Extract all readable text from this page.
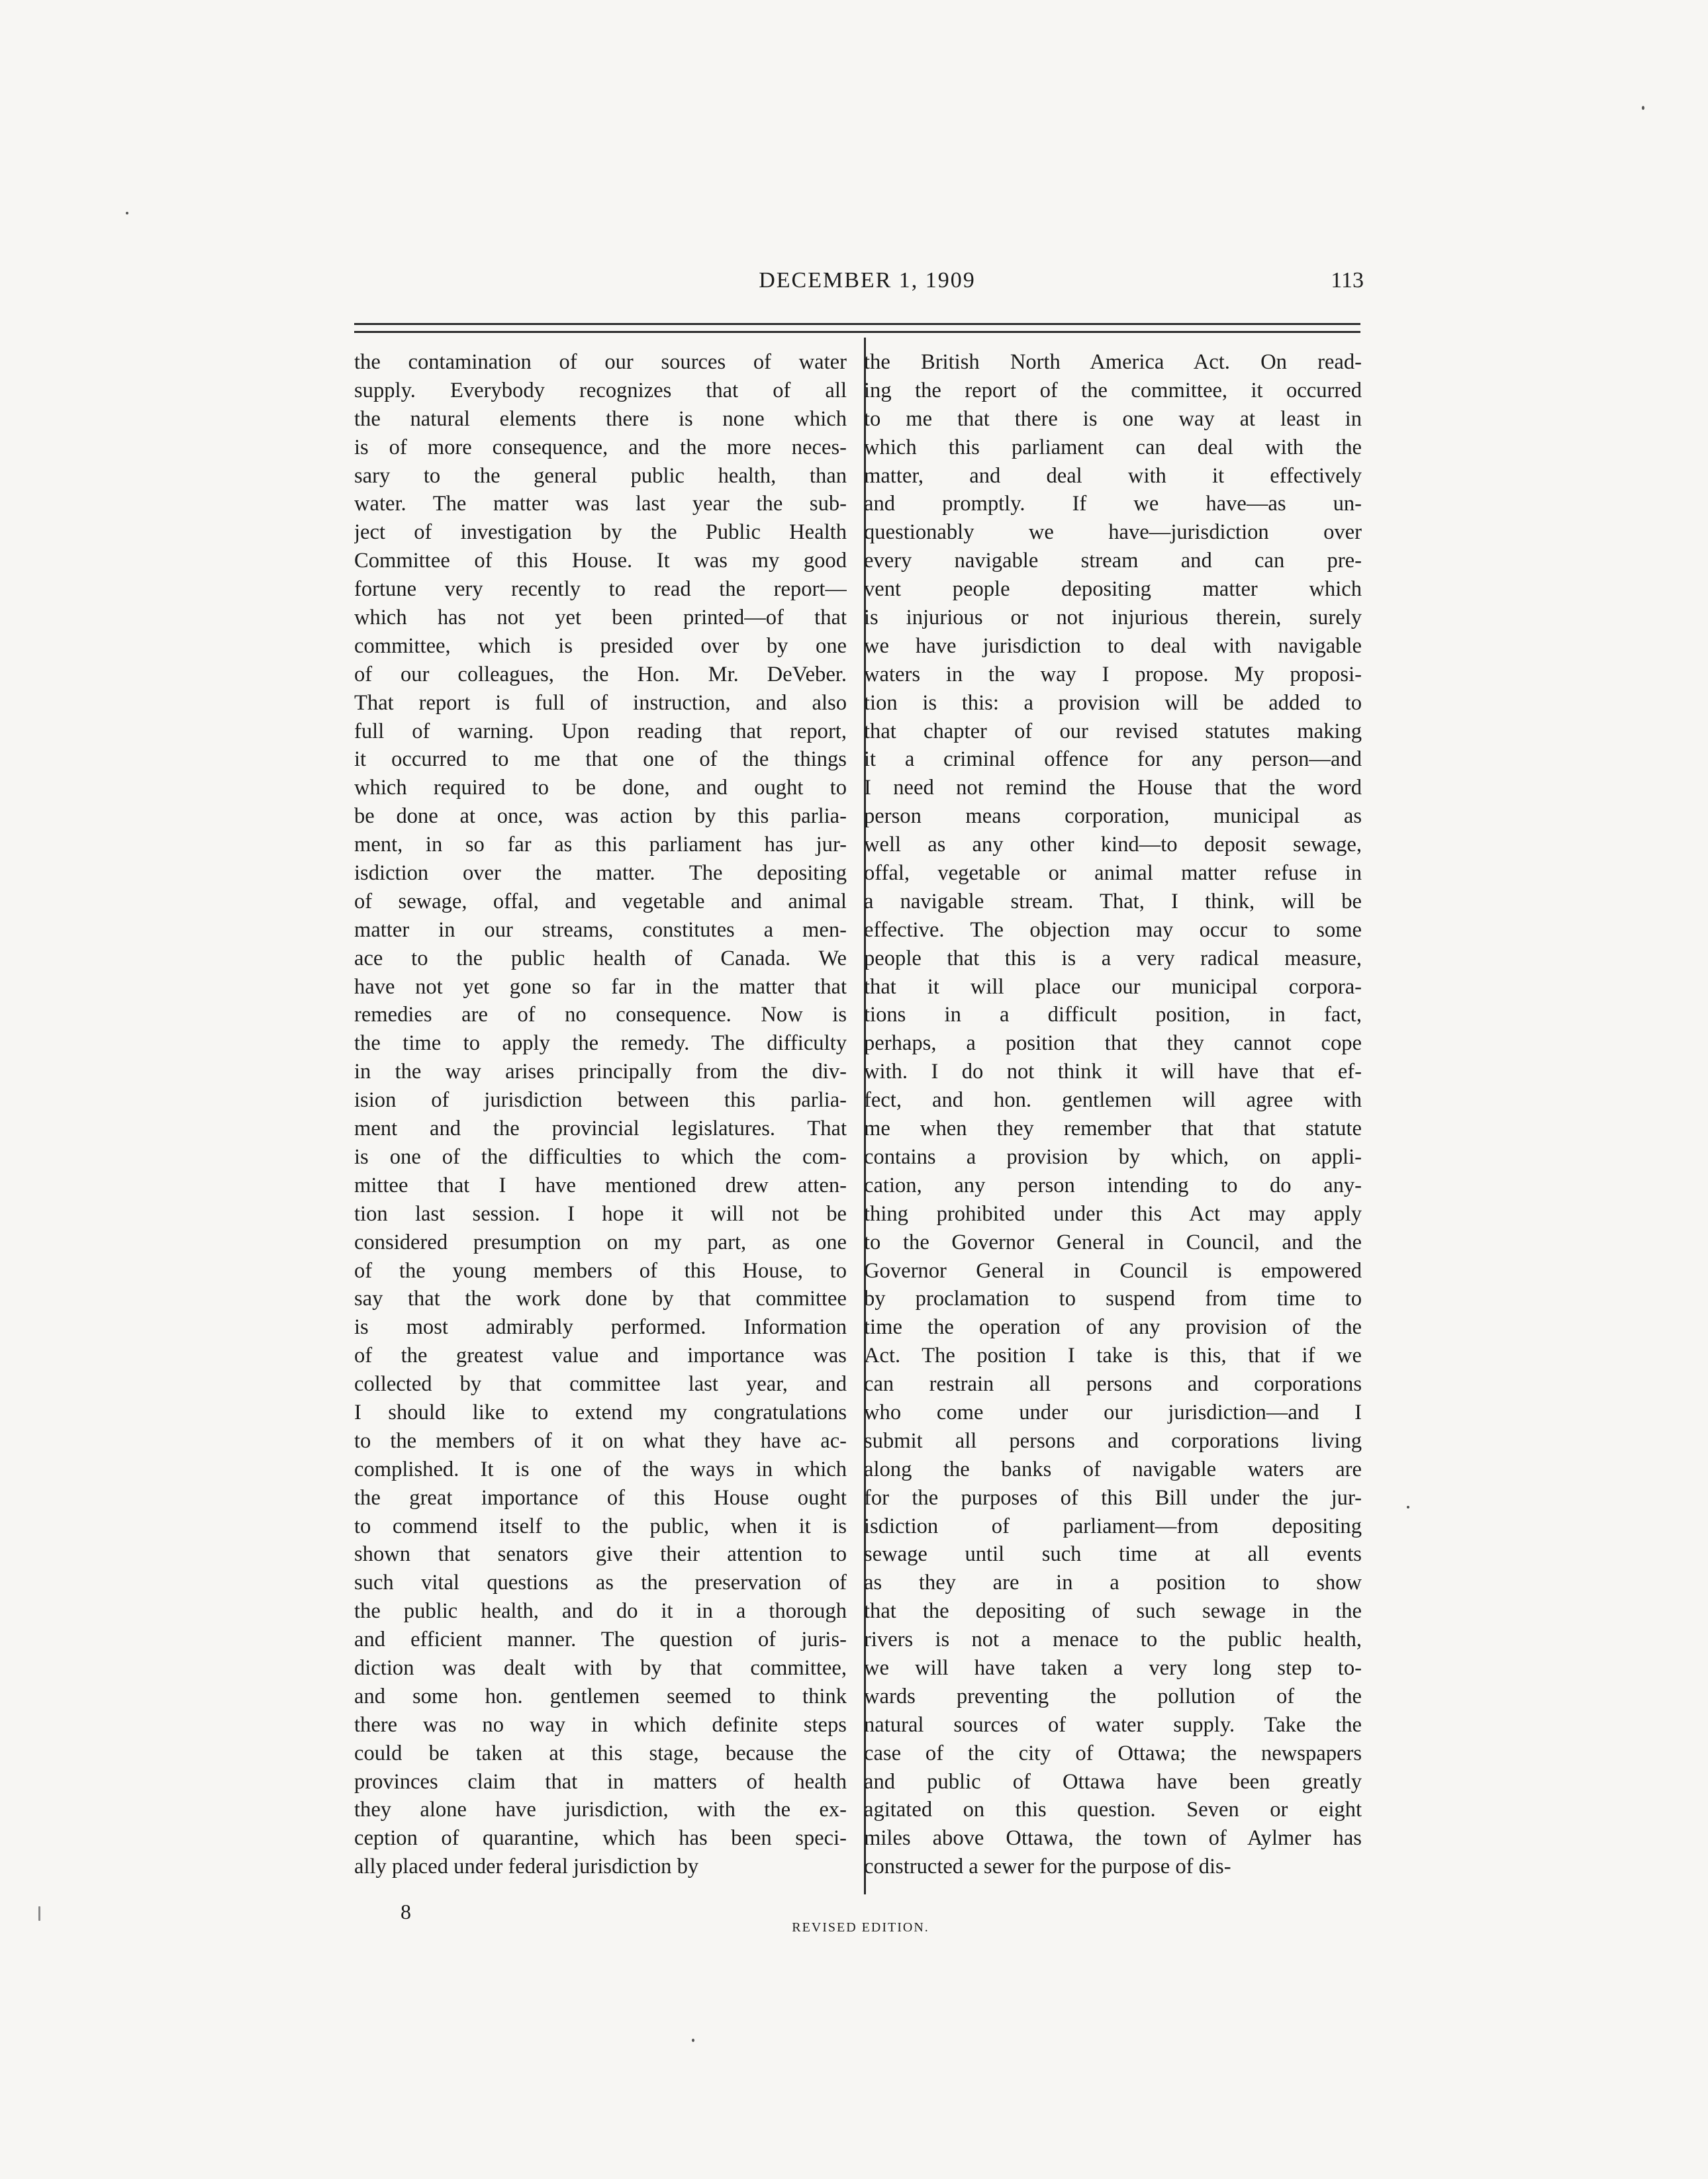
DECEMBER 1, 1909	113
the contamination of our sources of water
supply. Everybody recognizes that of all
the natural elements there is none which
is of more consequence, and the more neces-
sary to the general public health, than
water. The matter was last year the sub-
ject of investigation by the Public Health
Committee of this House. It was my good
fortune very recently to read the report—
which has not yet been printed—of that
committee, which is presided over by one
of our colleagues, the Hon. Mr. DeVeber.
That report is full of instruction, and also
full of warning. Upon reading that report,
it occurred to me that one of the things
which required to be done, and ought to
be done at once, was action by this parlia-
ment, in so far as this parliament has jur-
isdiction over the matter. The depositing
of sewage, offal, and vegetable and animal
matter in our streams, constitutes a men-
ace to the public health of Canada. We
have not yet gone so far in the matter that
remedies are of no consequence. Now is
the time to apply the remedy. The difficulty
in the way arises principally from the div-
ision of jurisdiction between this parlia-
ment and the provincial legislatures. That
is one of the difficulties to which the com-
mittee that I have mentioned drew atten-
tion last session. I hope it will not be
considered presumption on my part, as one
of the young members of this House, to
say that the work done by that committee
is most admirably performed. Information
of the greatest value and importance was
collected by that committee last year, and
I should like to extend my congratulations
to the members of it on what they have ac-
complished. It is one of the ways in which
the great importance of this House ought
to commend itself to the public, when it is
shown that senators give their attention to
such vital questions as the preservation of
the public health, and do it in a thorough
and efficient manner. The question of juris-
diction was dealt with by that committee,
and some hon. gentlemen seemed to think
there was no way in which definite steps
could be taken at this stage, because the
provinces claim that in matters of health
they alone have jurisdiction, with the ex-
ception of quarantine, which has been speci-
ally placed under federal jurisdiction by
the British North America Act. On read-
ing the report of the committee, it occurred
to me that there is one way at least in
which this parliament can deal with the
matter, and deal with it effectively
and promptly. If we have—as un-
questionably we have—jurisdiction over
every navigable stream and can pre-
vent people depositing matter which
is injurious or not injurious therein, surely
we have jurisdiction to deal with navigable
waters in the way I propose. My proposi-
tion is this: a provision will be added to
that chapter of our revised statutes making
it a criminal offence for any person—and
I need not remind the House that the word
person means corporation, municipal as
well as any other kind—to deposit sewage,
offal, vegetable or animal matter refuse in
a navigable stream. That, I think, will be
effective. The objection may occur to some
people that this is a very radical measure,
that it will place our municipal corpora-
tions in a difficult position, in fact,
perhaps, a position that they cannot cope
with. I do not think it will have that ef-
fect, and hon. gentlemen will agree with
me when they remember that that statute
contains a provision by which, on appli-
cation, any person intending to do any-
thing prohibited under this Act may apply
to the Governor General in Council, and the
Governor General in Council is empowered
by proclamation to suspend from time to
time the operation of any provision of the
Act. The position I take is this, that if we
can restrain all persons and corporations
who come under our jurisdiction—and I
submit all persons and corporations living
along the banks of navigable waters are
for the purposes of this Bill under the jur-
isdiction of parliament—from depositing
sewage until such time at all events
as they are in a position to show
that the depositing of such sewage in the
rivers is not a menace to the public health,
we will have taken a very long step to-
wards preventing the pollution of the
natural sources of water supply. Take the
case of the city of Ottawa; the newspapers
and public of Ottawa have been greatly
agitated on this question. Seven or eight
miles above Ottawa, the town of Aylmer has
constructed a sewer for the purpose of dis-
8
REVISED EDITION.
